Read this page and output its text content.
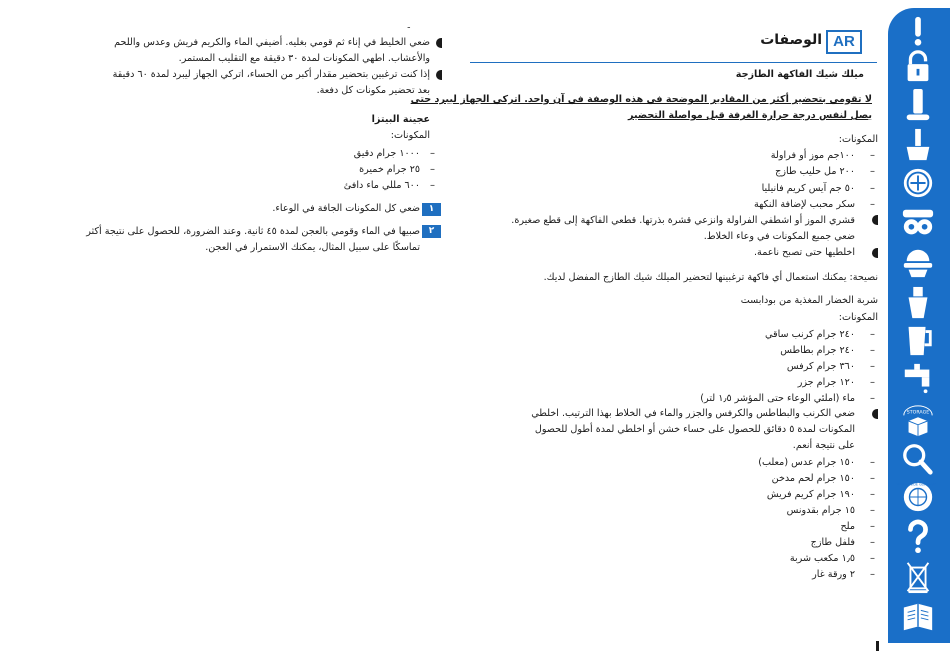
ـ
ضعي الخليط في إناء ثم قومي بغليه. أضيفي الماء والكريم فريش وعدس واللحم
والأعشاب. اطهي المكونات لمدة ٣٠ دقيقة مع التقليب المستمر.
إذا كنت ترغبين بتحضير مقدار أكبر من الحساء، اتركي الجهاز ليبرد لمدة ٦٠ دقيقة
بعد تحضير مكونات كل دفعة.
عجينة البيتزا
المكونات:
–
١٠٠٠ جرام دقيق
–
٢٥ جرام خميرة
–
٦٠٠ مللي ماء دافئ
١
ضعي كل المكونات الجافة في الوعاء.
٢
صبيها في الماء وقومي بالعجن لمدة ٤٥ ثانية. وعند الضرورة، للحصول على نتيجة أكثر
تماسكًا على سبيل المثال، يمكنك الاستمرار في العجن.
AR
الوصفات
ميلك شيك الفاكهة الطازجة
لا تقومي بتحضير أكثر من المقادير الموضحة في هذه الوصفة في آن واحد. اتركي الجهاز ليبرد حتى
يصل لنفس درجة حرارة الغرفة قبل مواصلة التحضير
المكونات:
–
١٠٠جم موز أو فراولة
–
٢٠٠ مل حليب طازج
–
٥٠ جم آيس كريم فانيليا
–
سكر محبب لإضافة النكهة
قشري الموز أو اشطفي الفراولة وانزعي قشرة بذرتها. قطعي الفاكهة إلى قطع صغيرة.
ضعي جميع المكونات في وعاء الخلاط.
اخلطيها حتى تصبح ناعمة.
نصيحة: يمكنك استعمال أي فاكهة ترغبينها لتحضير الميلك شيك الطازج المفضل لديك.
شربة الخضار المغذية من بودابست
المكونات:
–
٢٤٠ جرام كرنب ساقي
–
٢٤٠ جرام بطاطس
–
٣٦٠ جرام كرفس
–
١٢٠ جرام جزر
–
ماء (املئي الوعاء حتى المؤشر ١٫٥ لتر)
ضعي الكرنب والبطاطس والكرفس والجزر والماء في الخلاط بهذا الترتيب. اخلطي
المكونات لمدة ٥ دقائق للحصول على حساء خشن أو اخلطي لمدة أطول للحصول
على نتيجة أنعم.
–
١٥٠ جرام عدس (معلب)
–
١٥٠ جرام لحم مدخن
–
١٩٠ جرام كريم فريش
–
١٥ جرام بقدونس
–
ملح
–
فلفل طازج
–
١٫٥ مكعب شربة
–
٢ ورقة غار
STORAGE
WORLDWIDE GUARANTEE
